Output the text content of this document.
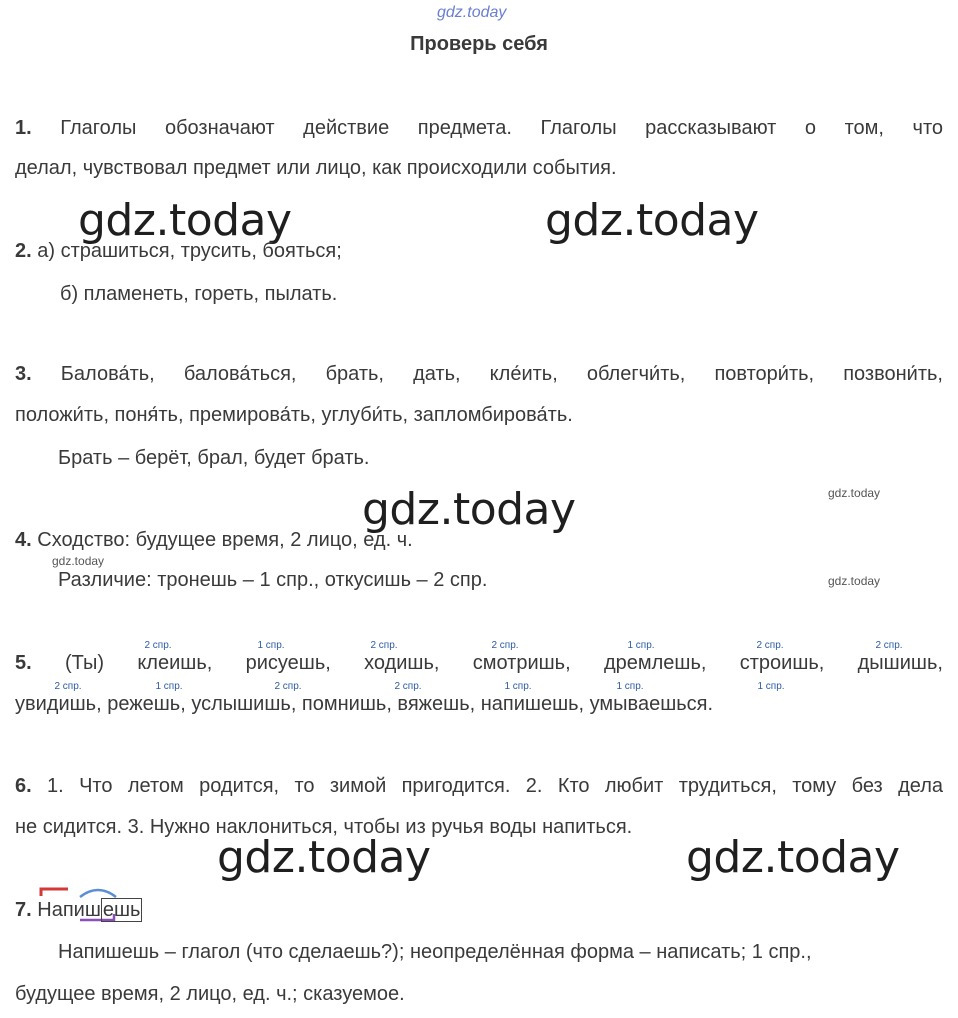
gdz.today
gdz.today	gdz.today
gdz.today
gdz.today	gdz.today
gdz.today
gdz.today
gdz.today
Проверь себя
1. Глаголы обозначают действие предмета. Глаголы рассказывают о том, что
делал, чувствовал предмет или лицо, как происходили события.
2. а) страшиться, трусить, бояться;
б) пламенеть, гореть, пылать.
3. Балова́ть, балова́ться, брать, дать, кле́ить, облегчи́ть, повтори́ть, позвони́ть,
положи́ть, поня́ть, премирова́ть, углуби́ть, запломбирова́ть.
Брать – берёт, брал, будет брать.
4. Сходство: будущее время, 2 лицо, ед. ч.
Различие: тронешь – 1 спр., откусишь – 2 спр.
2 спр.	1 спр.	2 спр.	2 спр.	1 спр.	2 спр.	2 спр.
5. (Ты) клеишь, рисуешь, ходишь, смотришь, дремлешь, строишь, дышишь,
2 спр.	1 спр.	2 спр.	2 спр.	1 спр.	1 спр.	1 спр.
увидишь, режешь, услышишь, помнишь, вяжешь, напишешь, умываешься.
6. 1. Что летом родится, то зимой пригодится. 2. Кто любит трудиться, тому без дела
не сидится. 3. Нужно наклониться, чтобы из ручья воды напиться.
7. Напиш ешь
Напишешь – глагол (что сделаешь?); неопределённая форма – написать; 1 спр.,
будущее время, 2 лицо, ед. ч.; сказуемое.
